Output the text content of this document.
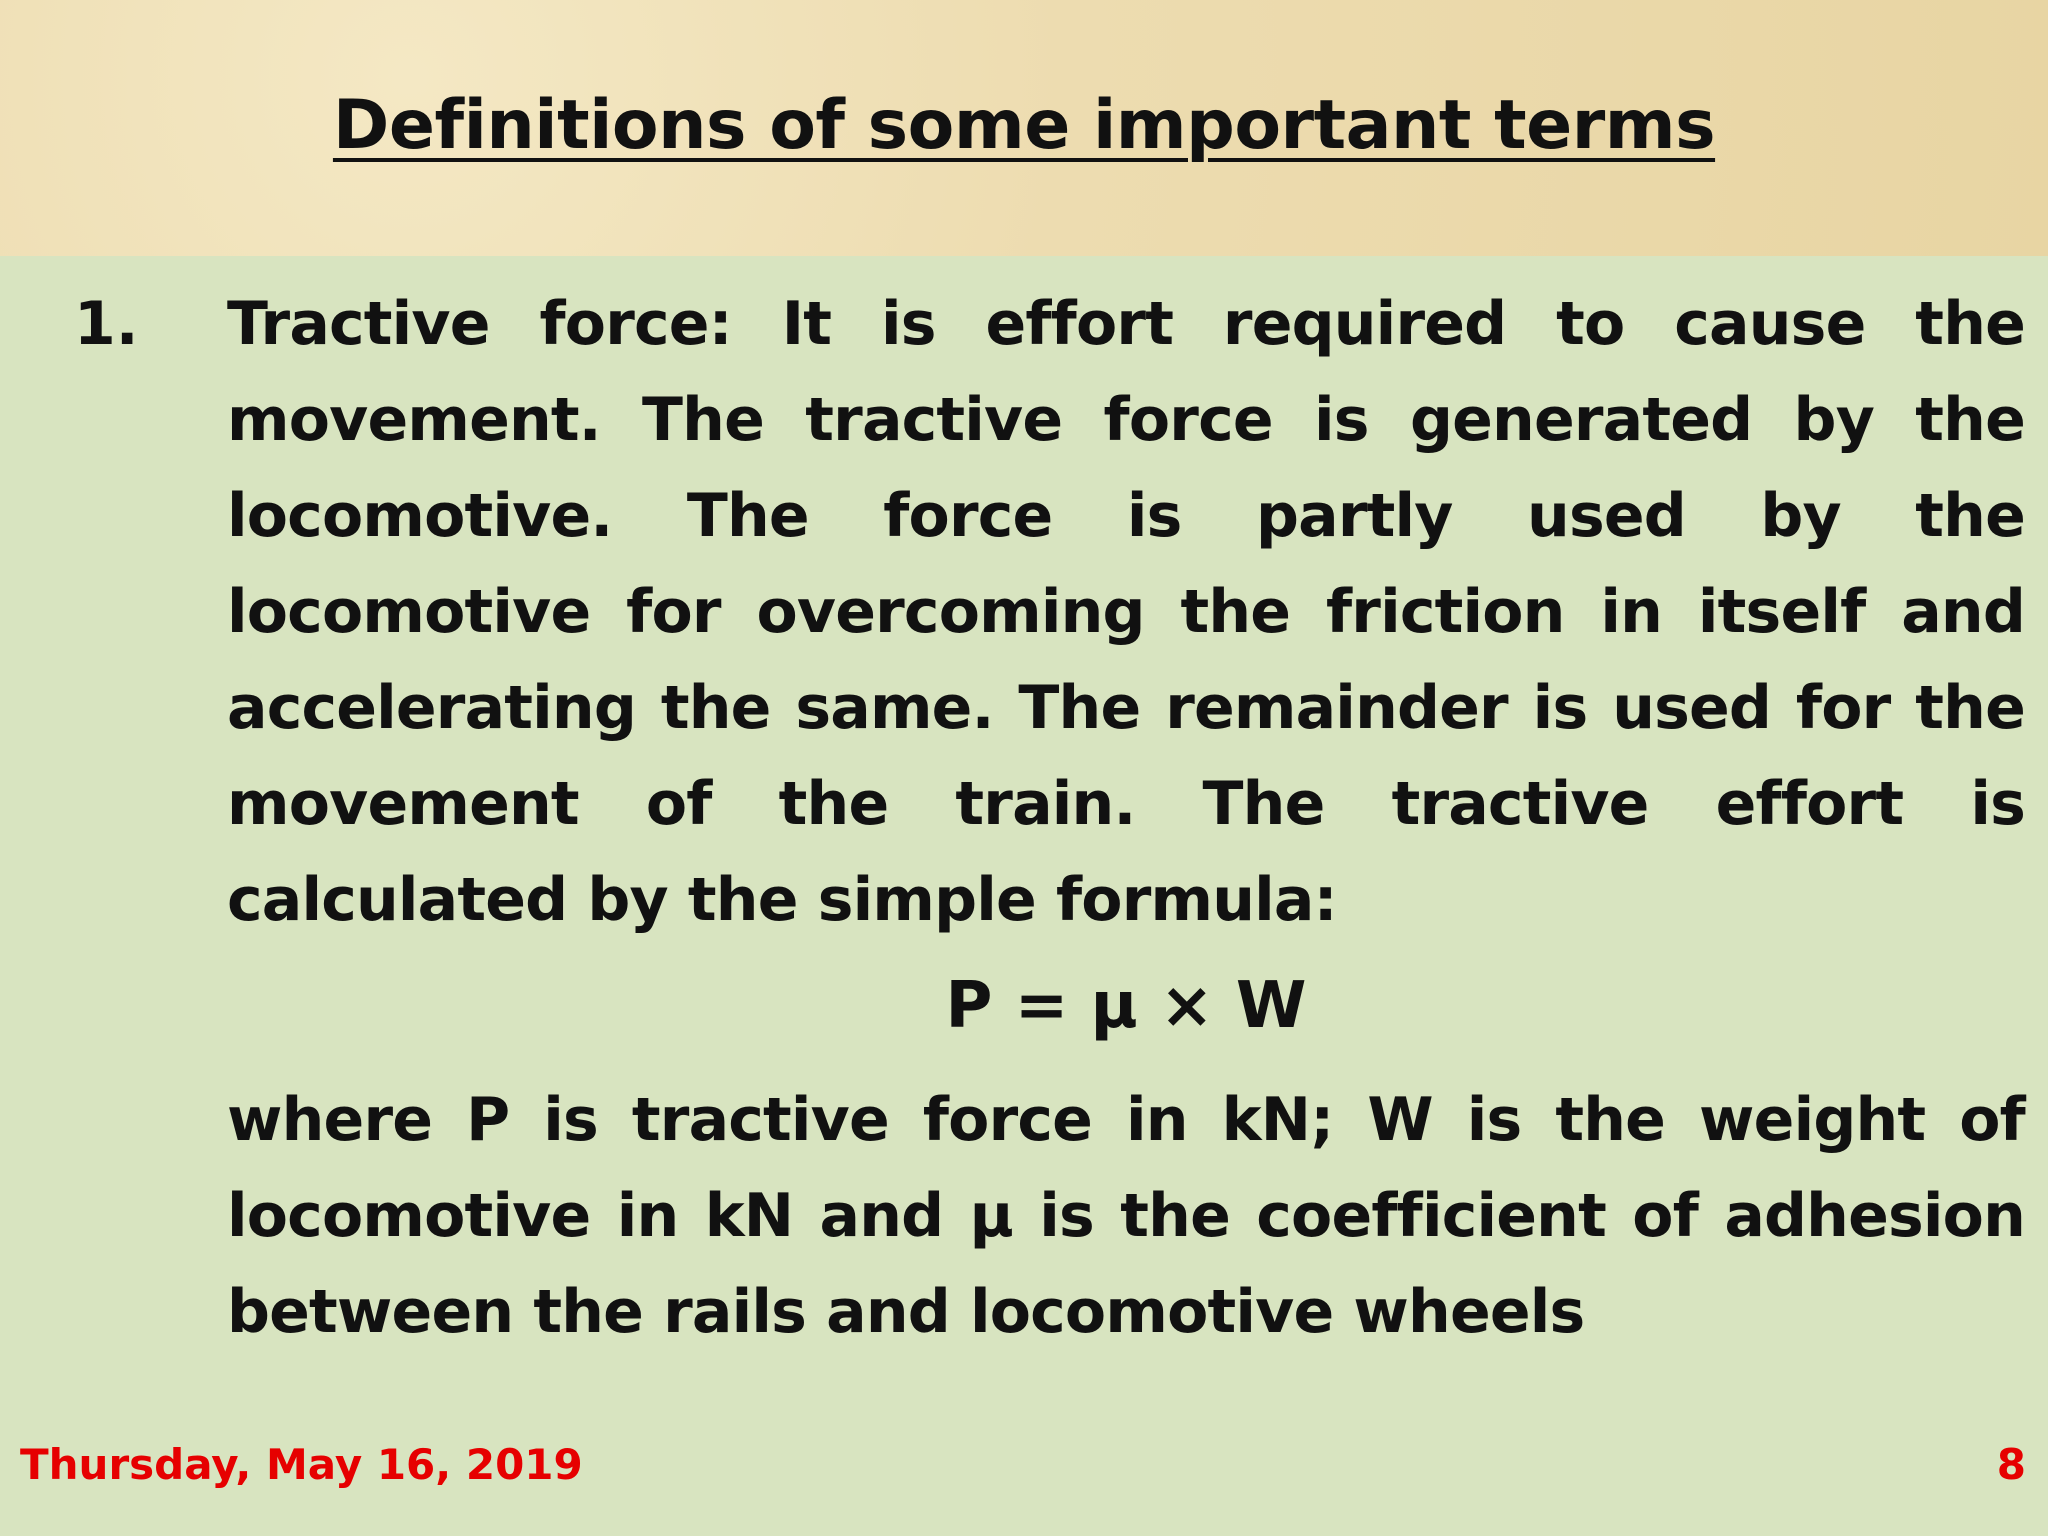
Definitions of some important terms
1. Tractive force: It is effort required to cause the movement. The tractive force is generated by the locomotive. The force is partly used by the locomotive for overcoming the friction in itself and accelerating the same. The remainder is used for the movement of the train. The tractive effort is calculated by the simple formula:

P = μ × W

where P is tractive force in kN; W is the weight of locomotive in kN and μ is the coefficient of adhesion between the rails and locomotive wheels

Thursday, May 16, 2019	8
